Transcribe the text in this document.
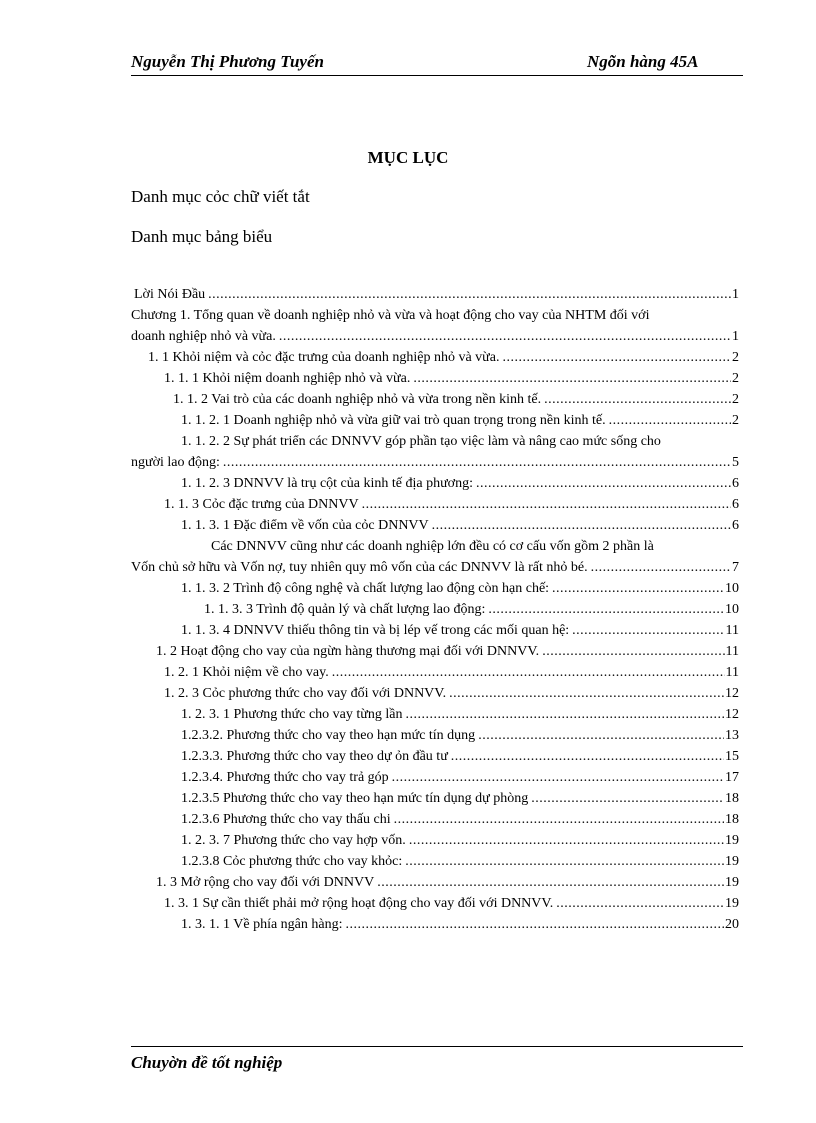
Nguyễn Thị Phương Tuyến	Ngõn hàng 45A
MỤC LỤC
Danh mục cỏc chữ viết tắt
Danh mục bảng biểu
Lời Nói Đầu .....	1
Chương 1. Tổng quan về doanh nghiệp nhỏ và vừa và hoạt động cho vay của NHTM đối với
doanh nghiệp nhỏ và vừa. .....	1
1. 1 Khỏi niệm và cỏc đặc trưng của doanh nghiệp nhỏ và vừa. .....	2
1. 1. 1 Khỏi niệm doanh nghiệp nhỏ và vừa. .....	2
1. 1. 2 Vai trò của các doanh nghiệp nhỏ và vừa trong nền kinh tế. .....	2
1. 1. 2. 1 Doanh nghiệp nhỏ và vừa giữ vai trò quan trọng trong nền kinh tế. .....	2
1. 1. 2. 2 Sự phát triển các DNNVV góp phần tạo việc làm và nâng cao mức sống cho
người lao động: .....	5
1. 1. 2. 3 DNNVV là trụ cột của kinh tế địa phương: .....	6
1. 1. 3 Cỏc đặc trưng của DNNVV .....	6
1. 1. 3. 1 Đặc điểm về vốn của cỏc DNNVV .....	6
Các DNNVV cũng như các doanh nghiệp lớn đều có cơ cấu vốn gồm 2 phần là
Vốn chủ sở hữu và Vốn nợ, tuy nhiên quy mô vốn của các DNNVV là rất nhỏ bé. .....	7
1. 1. 3. 2 Trình độ công nghệ và chất lượng lao động còn hạn chế: .....	10
1. 1. 3. 3 Trình độ quản lý và chất lượng lao động: .....	10
1. 1. 3. 4 DNNVV thiếu thông tin và bị lép vế trong các mối quan hệ: .....	11
1. 2 Hoạt động cho vay của ngừn hàng thương mại đối với DNNVV. .....	11
1. 2. 1 Khỏi niệm về cho vay. .....	11
1. 2. 3 Cỏc phương thức cho vay đối với DNNVV. .....	12
1. 2. 3. 1 Phương thức cho vay từng lần .....	12
1.2.3.2. Phương thức cho vay theo hạn mức tín dụng .....	13
1.2.3.3. Phương thức cho vay theo dự ỏn đầu tư .....	15
1.2.3.4. Phương thức cho vay trả góp .....	17
1.2.3.5 Phương thức cho vay theo hạn mức tín dụng dự phòng .....	18
1.2.3.6 Phương thức cho vay thấu chi .....	18
1. 2. 3. 7 Phương thức cho vay hợp vốn. .....	19
1.2.3.8 Cỏc phương thức cho vay khỏc: .....	19
1. 3 Mở rộng cho vay đối với DNNVV .....	19
1. 3. 1 Sự cần thiết phải mở rộng hoạt động cho vay đối với DNNVV. .....	19
1. 3. 1. 1 Về phía ngân hàng: .....	20
Chuyờn đề tốt nghiệp
